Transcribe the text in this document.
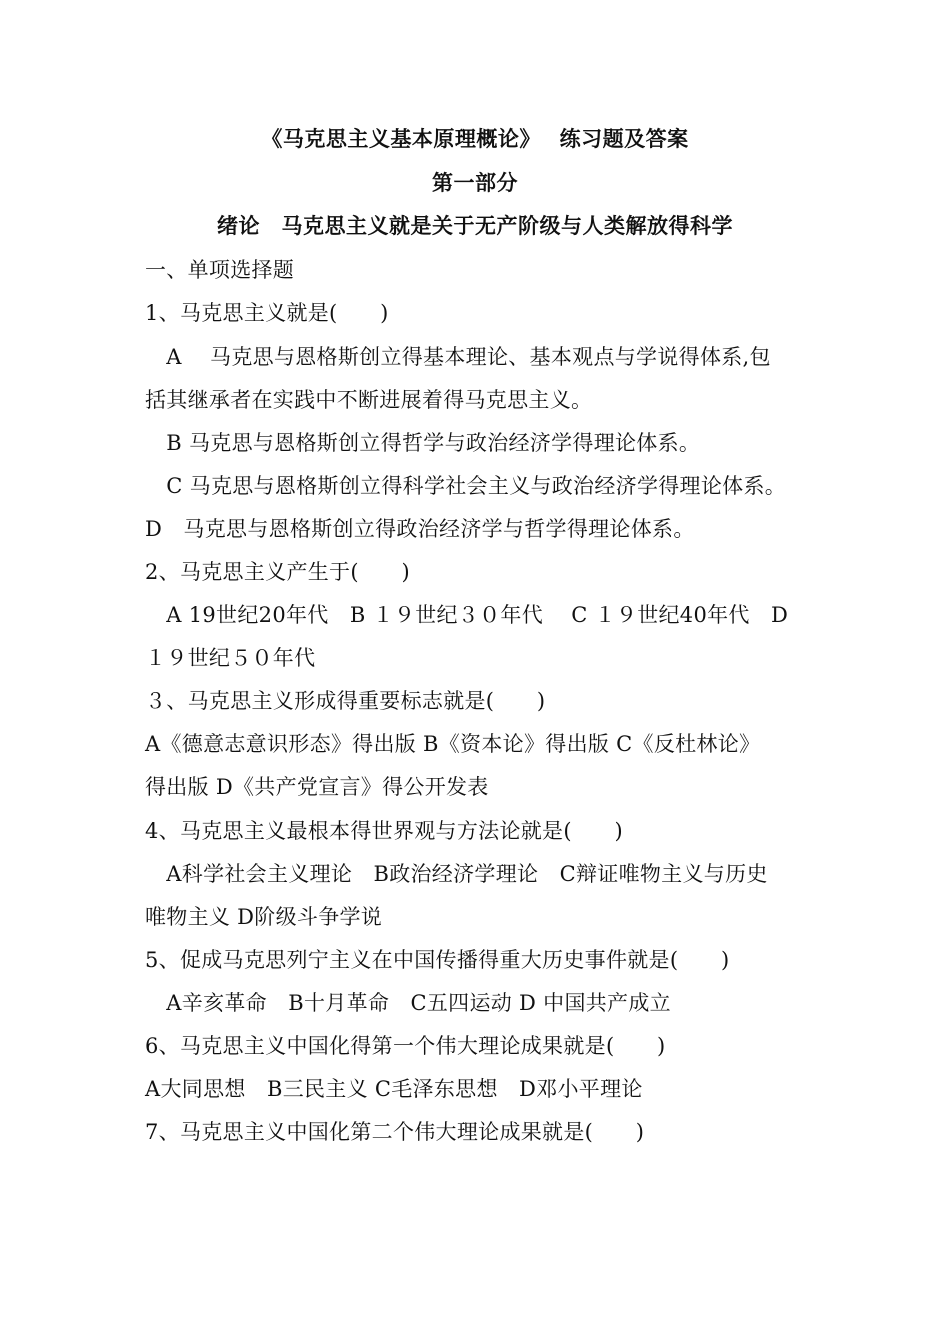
《马克思主义基本原理概论》　 练习题及答案
第一部分
绪论　马克思主义就是关于无产阶级与人类解放得科学
一、单项选择题
1、马克思主义就是(　　)
　A　 马克思与恩格斯创立得基本理论、基本观点与学说得体系,包
括其继承者在实践中不断进展着得马克思主义。
　B 马克思与恩格斯创立得哲学与政治经济学得理论体系。
　C 马克思与恩格斯创立得科学社会主义与政治经济学得理论体系。
D　马克思与恩格斯创立得政治经济学与哲学得理论体系。
2、马克思主义产生于(　　)
　A 19世纪20年代　B １９世纪３０年代　 C １９世纪40年代　D
１９世纪５０年代
３、马克思主义形成得重要标志就是(　　)
A《德意志意识形态》得出版 B《资本论》得出版 C《反杜林论》
得出版 D《共产党宣言》得公开发表
4、马克思主义最根本得世界观与方法论就是(　　)
　A科学社会主义理论　B政治经济学理论　C辩证唯物主义与历史
唯物主义 D阶级斗争学说
5、促成马克思列宁主义在中国传播得重大历史事件就是(　　)
　A辛亥革命　B十月革命　C五四运动 D 中国共产成立
6、马克思主义中国化得第一个伟大理论成果就是(　　)
A大同思想　B三民主义 C毛泽东思想　D邓小平理论
7、马克思主义中国化第二个伟大理论成果就是(　　)
